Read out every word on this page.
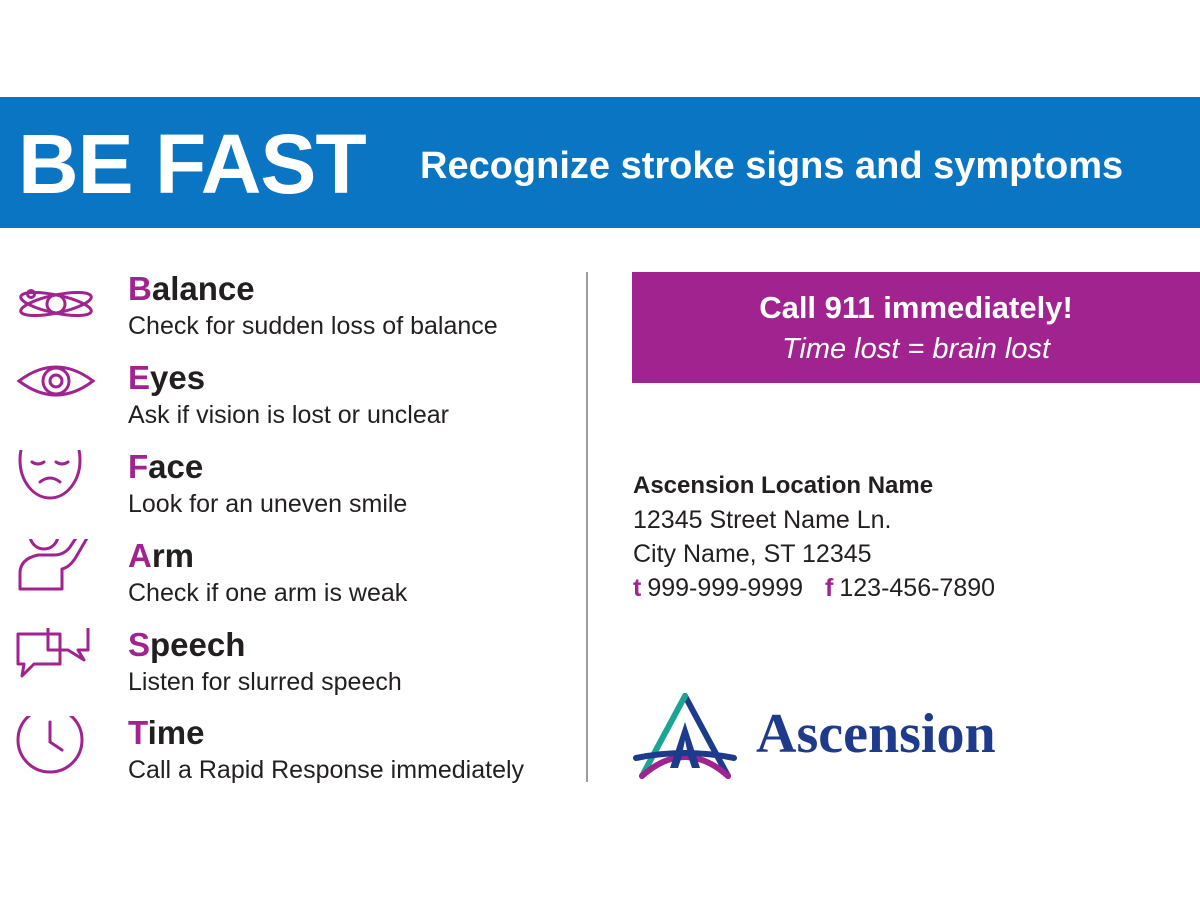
BE FAST Recognize stroke signs and symptoms
Balance
Check for sudden loss of balance
Eyes
Ask if vision is lost or unclear
Face
Look for an uneven smile
Arm
Check if one arm is weak
Speech
Listen for slurred speech
Time
Call a Rapid Response immediately
Call 911 immediately!
Time lost = brain lost
Ascension Location Name
12345 Street Name Ln.
City Name, ST 12345
t 999-999-9999 f 123-456-7890
Ascension
